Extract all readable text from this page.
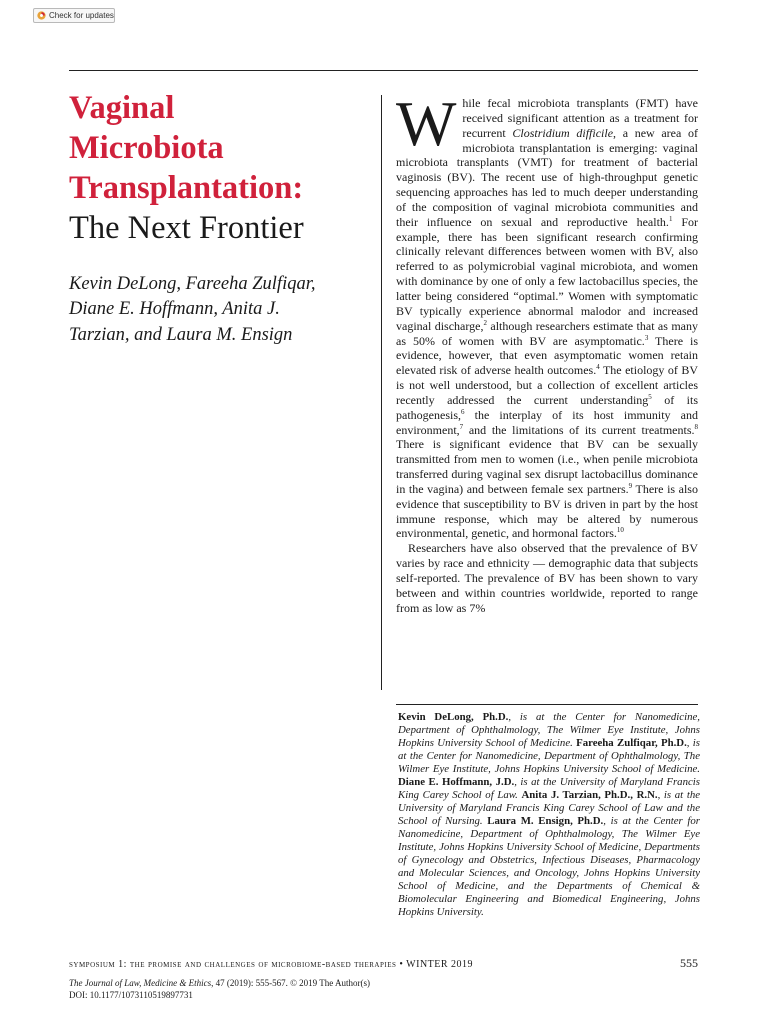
Check for updates
Vaginal
Microbiota
Transplantation:
The Next Frontier
Kevin DeLong, Fareeha Zulfiqar,
Diane E. Hoffmann, Anita J.
Tarzian, and Laura M. Ensign

While fecal microbiota transplants (FMT) have received significant attention as a treatment for recurrent Clostridium difficile, a new area of microbiota transplantation is emerging: vaginal microbiota transplants (VMT) for treatment of bacterial vaginosis (BV). The recent use of high-throughput genetic sequencing approaches has led to much deeper understanding of the composition of vaginal microbiota communities and their influence on sexual and reproductive health.$^1$ For example, there has been significant research confirming clinically relevant differences between women with BV, also referred to as polymicrobial vaginal microbiota, and women with dominance by one of only a few lactobacillus species, the latter being considered “optimal.” Women with symptomatic BV typically experience abnormal malodor and increased vaginal discharge,$^2$ although researchers estimate that as many as 50% of women with BV are asymptomatic.$^3$ There is evidence, however, that even asymptomatic women retain elevated risk of adverse health outcomes.$^4$ The etiology of BV is not well understood, but a collection of excellent articles recently addressed the current understanding$^5$ of its pathogenesis,$^6$ the interplay of its host immunity and environment,$^7$ and the limitations of its current treatments.$^8$ There is significant evidence that BV can be sexually transmitted from men to women (i.e., when penile microbiota transferred during vaginal sex disrupt lactobacillus dominance in the vagina) and between female sex partners.$^9$ There is also evidence that susceptibility to BV is driven in part by the host immune response, which may be altered by numerous environmental, genetic, and hormonal factors.$^{10}$

Researchers have also observed that the prevalence of BV varies by race and ethnicity — demographic data that subjects self-reported. The prevalence of BV has been shown to vary between and within countries worldwide, reported to range from as low as 7%

Kevin DeLong, Ph.D., is at the Center for Nanomedicine, Department of Ophthalmology, The Wilmer Eye Institute, Johns Hopkins University School of Medicine. Fareeha Zulfiqar, Ph.D., is at the Center for Nanomedicine, Department of Ophthalmology, The Wilmer Eye Institute, Johns Hopkins University School of Medicine. Diane E. Hoffmann, J.D., is at the University of Maryland Francis King Carey School of Law. Anita J. Tarzian, Ph.D., R.N., is at the University of Maryland Francis King Carey School of Law and the School of Nursing. Laura M. Ensign, Ph.D., is at the Center for Nanomedicine, Department of Ophthalmology, The Wilmer Eye Institute, Johns Hopkins University School of Medicine, Departments of Gynecology and Obstetrics, Infectious Diseases, Pharmacology and Molecular Sciences, and Oncology, Johns Hopkins University School of Medicine, and the Departments of Chemical & Biomolecular Engineering and Biomedical Engineering, Johns Hopkins University.
symposium 1: the promise and challenges of microbiome-based therapies • WINTER 2019	555
The Journal of Law, Medicine & Ethics, 47 (2019): 555-567. © 2019 The Author(s)
DOI: 10.1177/1073110519897731
